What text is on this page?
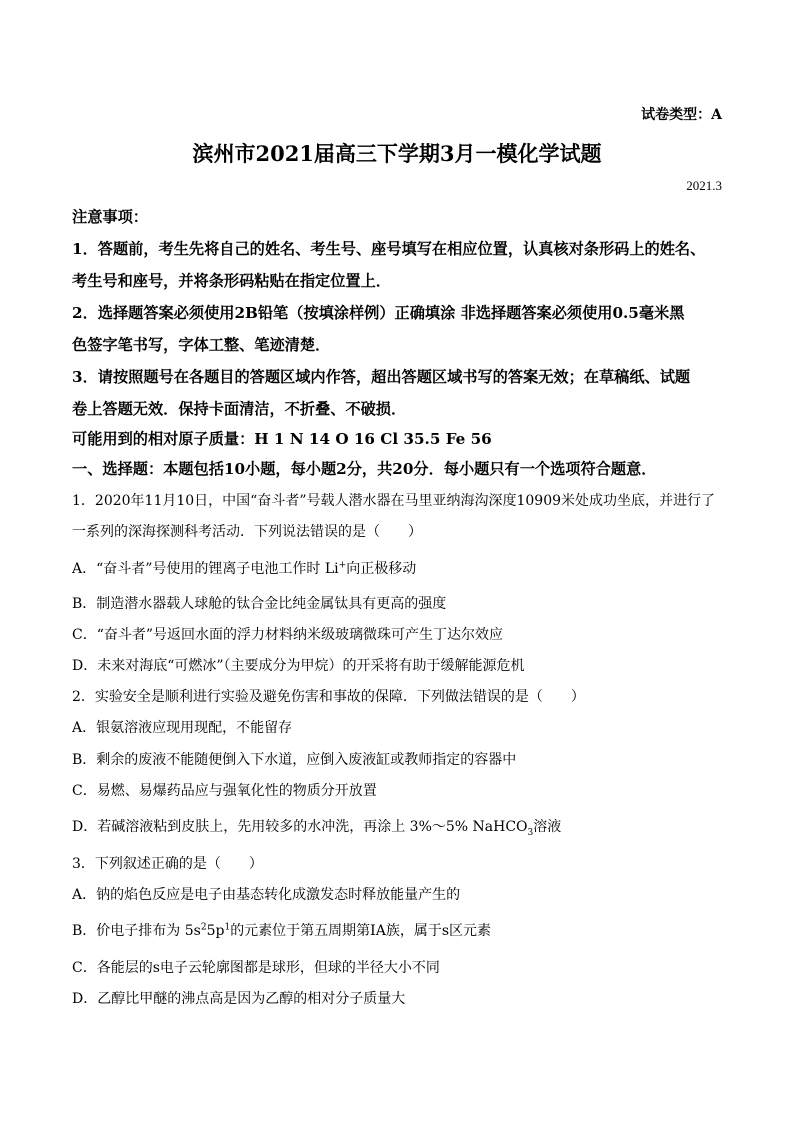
试卷类型：A
滨州市2021届高三下学期3月一模化学试题
2021.3
注意事项：
1．答题前，考生先将自己的姓名、考生号、座号填写在相应位置，认真核对条形码上的姓名、
考生号和座号，并将条形码粘贴在指定位置上．
2．选择题答案必须使用2B铅笔（按填涂样例）正确填涂 非选择题答案必须使用0.5毫米黑
色签字笔书写，字体工整、笔迹清楚．
3．请按照题号在各题目的答题区域内作答，超出答题区域书写的答案无效；在草稿纸、试题
卷上答题无效．保持卡面清洁，不折叠、不破损．
可能用到的相对原子质量：H 1 N 14 O 16 Cl 35.5 Fe 56
一、选择题：本题包括10小题，每小题2分，共20分．每小题只有一个选项符合题意．
1．2020年11月10日，中国“奋斗者”号载人潜水器在马里亚纳海沟深度10909米处成功坐底，并进行了
一系列的深海探测科考活动．下列说法错误的是（　　）
A．“奋斗者”号使用的锂离子电池工作时 Li+向正极移动
B．制造潜水器载人球舱的钛合金比纯金属钛具有更高的强度
C．“奋斗者”号返回水面的浮力材料纳米级玻璃微珠可产生丁达尔效应
D．未来对海底“可燃冰”（主要成分为甲烷）的开采将有助于缓解能源危机
2．实验安全是顺利进行实验及避免伤害和事故的保障．下列做法错误的是（　　）
A．银氨溶液应现用现配，不能留存
B．剩余的废液不能随便倒入下水道，应倒入废液缸或教师指定的容器中
C．易燃、易爆药品应与强氧化性的物质分开放置
D．若碱溶液粘到皮肤上，先用较多的水冲洗，再涂上 3%～5% NaHCO$_3$溶液
3．下列叙述正确的是（　　）
A．钠的焰色反应是电子由基态转化成激发态时释放能量产生的
B．价电子排布为 $5s^25p^1$的元素位于第五周期第ⅠA族，属于s区元素
C．各能层的s电子云轮廓图都是球形，但球的半径大小不同
D．乙醇比甲醚的沸点高是因为乙醇的相对分子质量大
